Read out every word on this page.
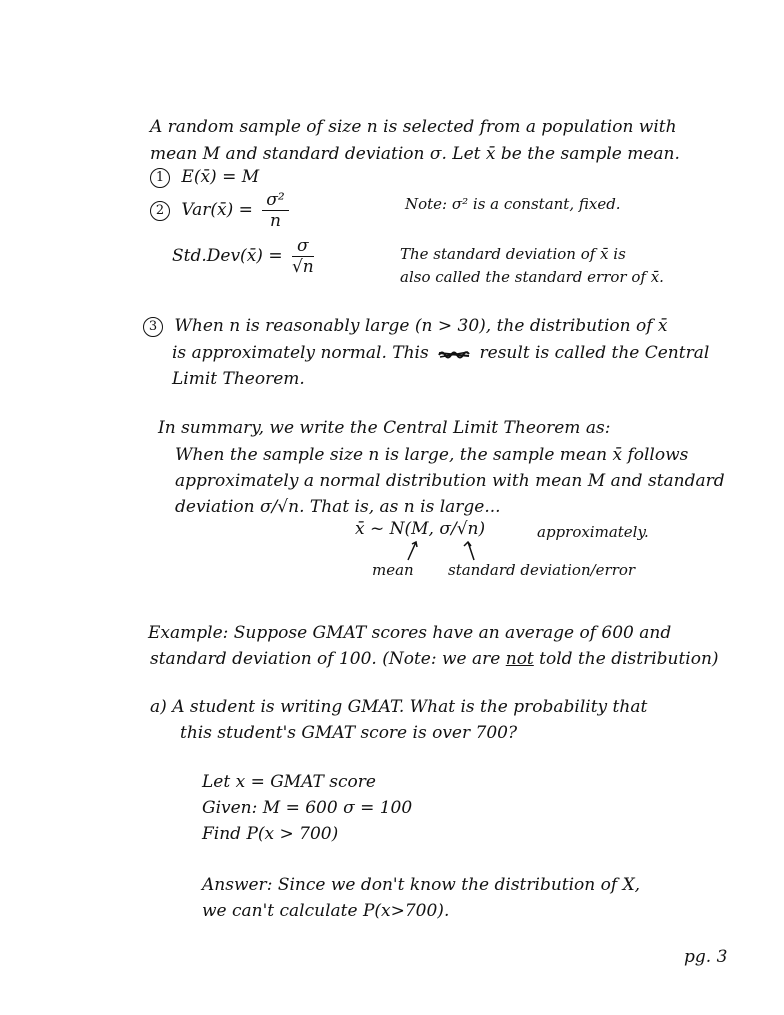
A random sample of size n is selected from a population with
mean M and standard deviation σ. Let x̄ be the sample mean.
1 E(x̄) = M
2 Var(x̄) = $\frac{\text{σ²}}{n}$	Note: σ² is a constant, fixed.
Std.Dev(x̄) = $\frac{\sigma}{√n}$	The standard deviation of x̄ is
also called the standard error of x̄.
3 When n is reasonably large (n > 30), the distribution of x̄
is approximately normal. This	result is called the Central
Limit Theorem.
In summary, we write the Central Limit Theorem as:
When the sample size n is large, the sample mean x̄ follows
approximately a normal distribution with mean M and standard
deviation σ/√n. That is, as n is large...
x̄ ~ N(M, σ/√n)	approximately.
mean standard deviation/error
Example: Suppose GMAT scores have an average of 600 and
standard deviation of 100. (Note: we are not told the distribution)
a) A student is writing GMAT. What is the probability that
this student's GMAT score is over 700?
Let x = GMAT score
Given: M = 600 σ = 100
Find P(x > 700)
Answer: Since we don't know the distribution of X,
we can't calculate P(x>700).
pg. 3
